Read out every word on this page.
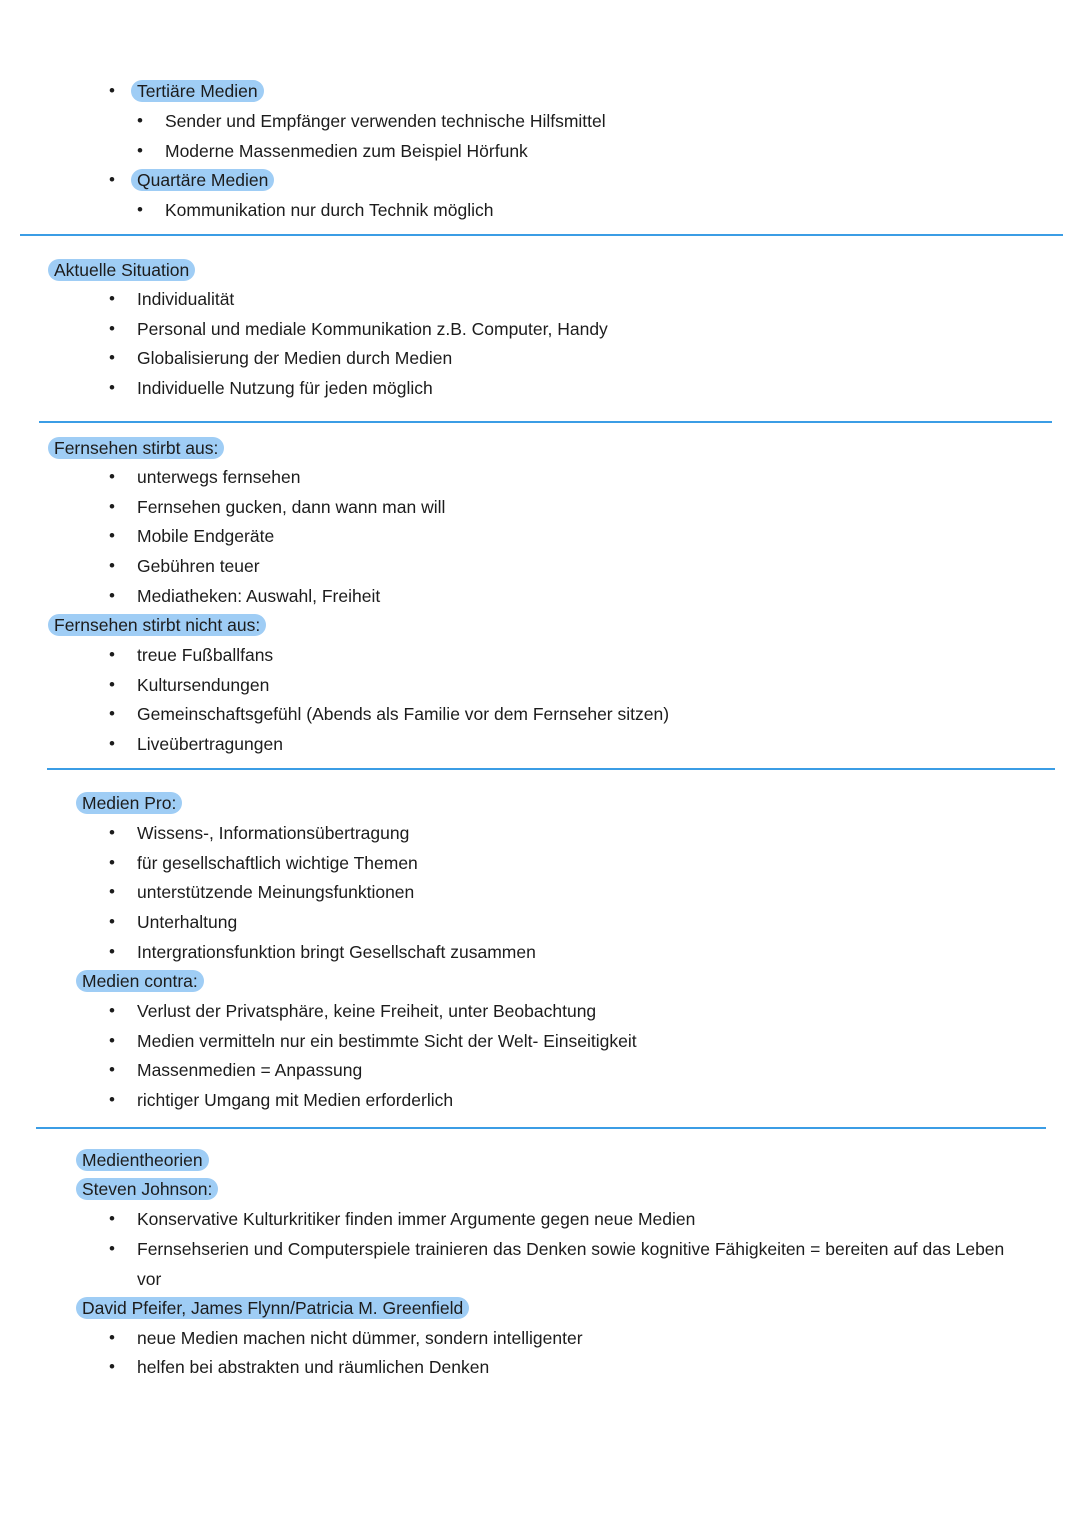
•	Tertiäre Medien
• Sender und Empfänger verwenden technische Hilfsmittel
• Moderne Massenmedien zum Beispiel Hörfunk
•	Quartäre Medien
• Kommunikation nur durch Technik möglich
Aktuelle Situation
• Individualität
• Personal und mediale Kommunikation z.B. Computer, Handy
• Globalisierung der Medien durch Medien
• Individuelle Nutzung für jeden möglich
Fernsehen stirbt aus:
• unterwegs fernsehen
• Fernsehen gucken, dann wann man will
• Mobile Endgeräte
• Gebühren teuer
• Mediatheken: Auswahl, Freiheit
Fernsehen stirbt nicht aus:
• treue Fußballfans
• Kultursendungen
• Gemeinschaftsgefühl (Abends als Familie vor dem Fernseher sitzen)
• Liveübertragungen
Medien Pro:
• Wissens-, Informationsübertragung
• für gesellschaftlich wichtige Themen
• unterstützende Meinungsfunktionen
• Unterhaltung
• Intergrationsfunktion bringt Gesellschaft zusammen
Medien contra:
• Verlust der Privatsphäre, keine Freiheit, unter Beobachtung
• Medien vermitteln nur ein bestimmte Sicht der Welt- Einseitigkeit
• Massenmedien = Anpassung
• richtiger Umgang mit Medien erforderlich
Medientheorien
Steven Johnson:
• Konservative Kulturkritiker finden immer Argumente gegen neue Medien
• Fernsehserien und Computerspiele trainieren das Denken sowie kognitive Fähigkeiten = bereiten auf das Leben
vor
David Pfeifer, James Flynn/Patricia M. Greenfield
• neue Medien machen nicht dümmer, sondern intelligenter
• helfen bei abstrakten und räumlichen Denken
